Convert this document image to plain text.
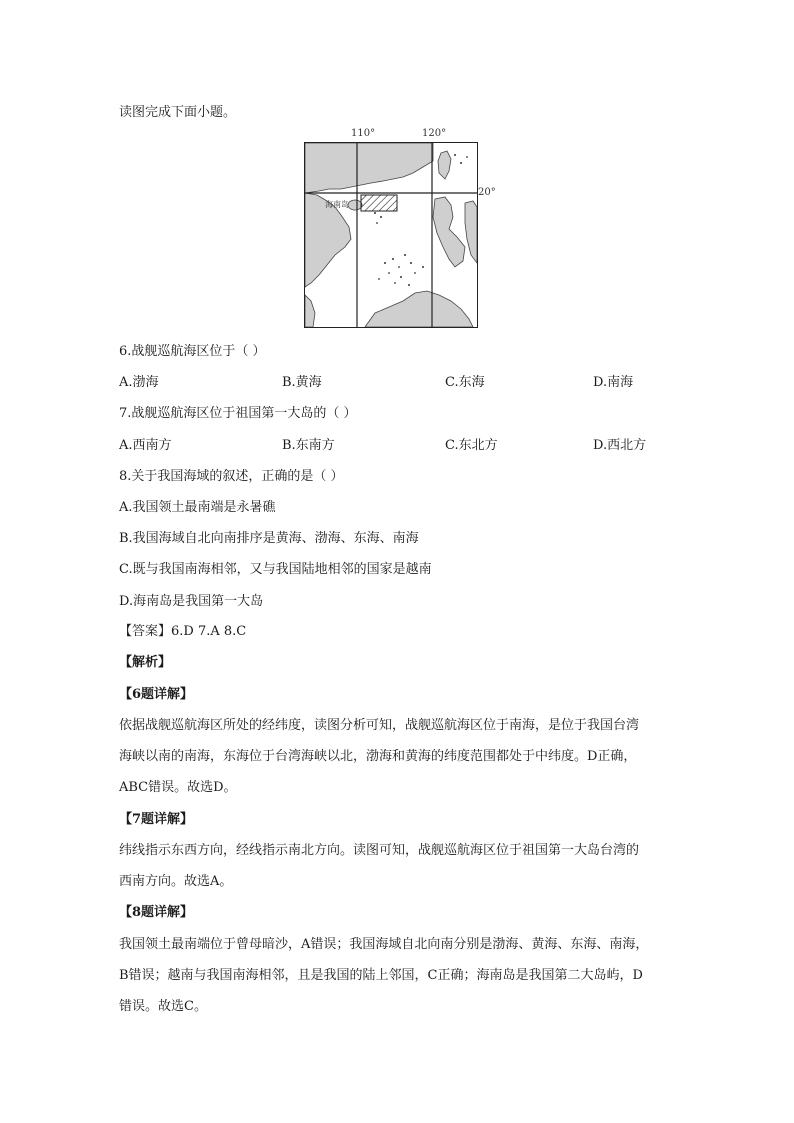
读图完成下面小题。
110°	120°
20°
海南岛
6.战舰巡航海区位于（ ）
A.渤海	B.黄海	C.东海	D.南海
7.战舰巡航海区位于祖国第一大岛的（ ）
A.西南方	B.东南方	C.东北方	D.西北方
8.关于我国海域的叙述，正确的是（ ）
A.我国领土最南端是永暑礁
B.我国海域自北向南排序是黄海、渤海、东海、南海
C.既与我国南海相邻，又与我国陆地相邻的国家是越南
D.海南岛是我国第一大岛
【答案】6.D 7.A 8.C
【解析】
【6题详解】
依据战舰巡航海区所处的经纬度，读图分析可知，战舰巡航海区位于南海，是位于我国台湾
海峡以南的南海，东海位于台湾海峡以北，渤海和黄海的纬度范围都处于中纬度。D正确，
ABC错误。故选D。
【7题详解】
纬线指示东西方向，经线指示南北方向。读图可知，战舰巡航海区位于祖国第一大岛台湾的
西南方向。故选A。
【8题详解】
我国领土最南端位于曾母暗沙，A错误；我国海域自北向南分别是渤海、黄海、东海、南海，
B错误；越南与我国南海相邻，且是我国的陆上邻国，C正确；海南岛是我国第二大岛屿，D
错误。故选C。
